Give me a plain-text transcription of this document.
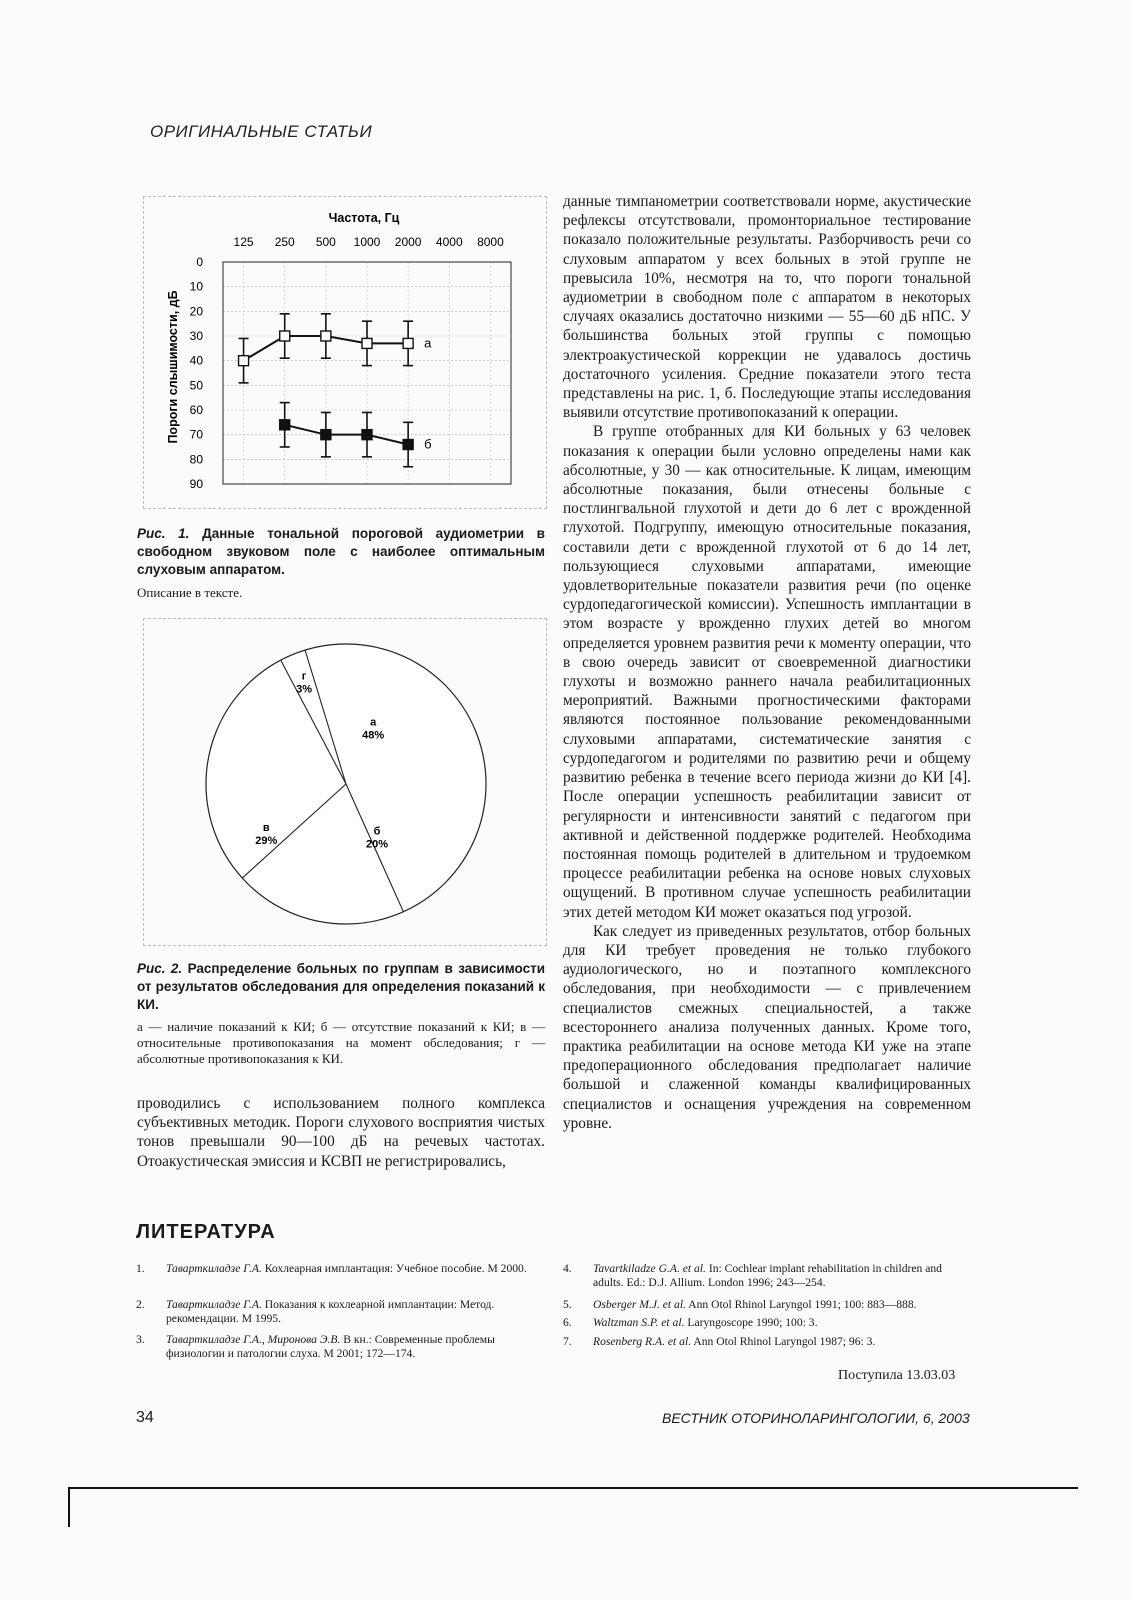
ОРИГИНАЛЬНЫЕ СТАТЬИ
Частота, Гц
125 250 500 1000 2000 4000 8000
0
10
20
30
40
50
60
70
80
90
Пороги слышимости, дБ	а
б
Рис. 1. Данные тональной пороговой аудиометрии в свободном звуковом поле с наиболее оптимальным слуховым аппаратом.
Описание в тексте.
а
48%
б
20%
в
29%
г
3%
Рис. 2. Распределение больных по группам в зависимости от результатов обследования для определения показаний к КИ.
а — наличие показаний к КИ; б — отсутствие показаний к КИ; в — относительные противопоказания на момент обследования; г — абсолютные противопоказания к КИ.
проводились с использованием полного комплекса субъективных методик. Пороги слухового восприятия чистых тонов превышали 90—100 дБ на речевых частотах. Отоакустическая эмиссия и КСВП не регистрировались,

данные тимпанометрии соответствовали норме, акустические рефлексы отсутствовали, промонториальное тестирование показало положительные результаты. Разборчивость речи со слуховым аппаратом у всех больных в этой группе не превысила 10%, несмотря на то, что пороги тональной аудиометрии в свободном поле с аппаратом в некоторых случаях оказались достаточно низкими — 55—60 дБ нПС. У большинства больных этой группы с помощью электроакустической коррекции не удавалось достичь достаточного усиления. Средние показатели этого теста представлены на рис. 1, б. Последующие этапы исследования выявили отсутствие противопоказаний к операции.

В группе отобранных для КИ больных у 63 человек показания к операции были условно определены нами как абсолютные, у 30 — как относительные. К лицам, имеющим абсолютные показания, были отнесены больные с постлингвальной глухотой и дети до 6 лет с врожденной глухотой. Подгруппу, имеющую относительные показания, составили дети с врожденной глухотой от 6 до 14 лет, пользующиеся слуховыми аппаратами, имеющие удовлетворительные показатели развития речи (по оценке сурдопедагогической комиссии). Успешность имплантации в этом возрасте у врожденно глухих детей во многом определяется уровнем развития речи к моменту операции, что в свою очередь зависит от своевременной диагностики глухоты и возможно раннего начала реабилитационных мероприятий. Важными прогностическими факторами являются постоянное пользование рекомендованными слуховыми аппаратами, систематические занятия с сурдопедагогом и родителями по развитию речи и общему развитию ребенка в течение всего периода жизни до КИ [4]. После операции успешность реабилитации зависит от регулярности и интенсивности занятий с педагогом при активной и действенной поддержке родителей. Необходима постоянная помощь родителей в длительном и трудоемком процессе реабилитации ребенка на основе новых слуховых ощущений. В противном случае успешность реабилитации этих детей методом КИ может оказаться под угрозой.

Как следует из приведенных результатов, отбор больных для КИ требует проведения не только глубокого аудиологического, но и поэтапного комплексного обследования, при необходимости — с привлечением специалистов смежных специальностей, а также всестороннего анализа полученных данных. Кроме того, практика реабилитации на основе метода КИ уже на этапе предоперационного обследования предполагает наличие большой и слаженной команды квалифицированных специалистов и оснащения учреждения на современном уровне.

ЛИТЕРАТУРА
1. Таварткиладзе Г.А. Кохлеарная имплантация: Учебное пособие. М 2000.
2. Таварткиладзе Г.А. Показания к кохлеарной имплантации: Метод. рекомендации. М 1995.
3. Таварткиладзе Г.А., Миронова Э.В. В кн.: Современные проблемы физиологии и патологии слуха. М 2001; 172—174.
4. Tavartkiladze G.A. et al. In: Cochlear implant rehabilitation in children and adults. Ed.: D.J. Allium. London 1996; 243—254.
5. Osberger M.J. et al. Ann Otol Rhinol Laryngol 1991; 100: 883—888.
6. Waltzman S.P. et al. Laryngoscope 1990; 100: 3.
7. Rosenberg R.A. et al. Ann Otol Rhinol Laryngol 1987; 96: 3.
Поступила 13.03.03
34	ВЕСТНИК ОТОРИНОЛАРИНГОЛОГИИ, 6, 2003
